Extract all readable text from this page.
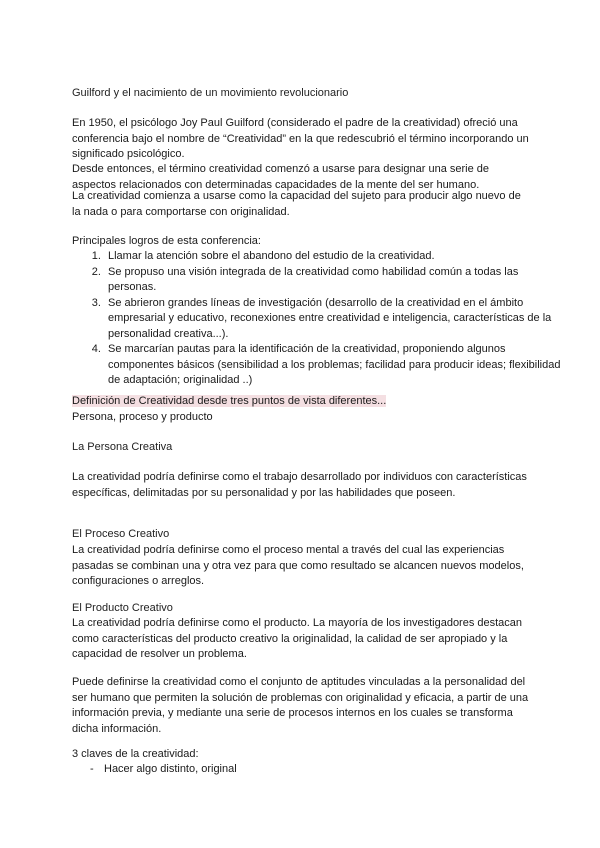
Guilford y el nacimiento de un movimiento revolucionario

En 1950, el psicólogo Joy Paul Guilford (considerado el padre de la creatividad) ofreció una conferencia bajo el nombre de “Creatividad” en la que redescubrió el término incorporando un significado psicológico.

Desde entonces, el término creatividad comenzó a usarse para designar una serie de aspectos relacionados con determinadas capacidades de la mente del ser humano.

La creatividad comienza a usarse como la capacidad del sujeto para producir algo nuevo de la nada o para comportarse con originalidad.

Principales logros de esta conferencia:

1. Llamar la atención sobre el abandono del estudio de la creatividad.
2. Se propuso una visión integrada de la creatividad como habilidad común a todas las personas.
3. Se abrieron grandes líneas de investigación (desarrollo de la creatividad en el ámbito empresarial y educativo, reconexiones entre creatividad e inteligencia, características de la personalidad creativa...).
4. Se marcarían pautas para la identificación de la creatividad, proponiendo algunos componentes básicos (sensibilidad a los problemas; facilidad para producir ideas; flexibilidad de adaptación; originalidad ..)

Definición de Creatividad desde tres puntos de vista diferentes...
Persona, proceso y producto

La Persona Creativa

La creatividad podría definirse como el trabajo desarrollado por individuos con características específicas, delimitadas por su personalidad y por las habilidades que poseen.

El Proceso Creativo

La creatividad podría definirse como el proceso mental a través del cual las experiencias pasadas se combinan una y otra vez para que como resultado se alcancen nuevos modelos, configuraciones o arreglos.

El Producto Creativo

La creatividad podría definirse como el producto. La mayoría de los investigadores destacan como características del producto creativo la originalidad, la calidad de ser apropiado y la capacidad de resolver un problema.

Puede definirse la creatividad como el conjunto de aptitudes vinculadas a la personalidad del ser humano que permiten la solución de problemas con originalidad y eficacia, a partir de una información previa, y mediante una serie de procesos internos en los cuales se transforma dicha información.

3 claves de la creatividad:

- Hacer algo distinto, original
